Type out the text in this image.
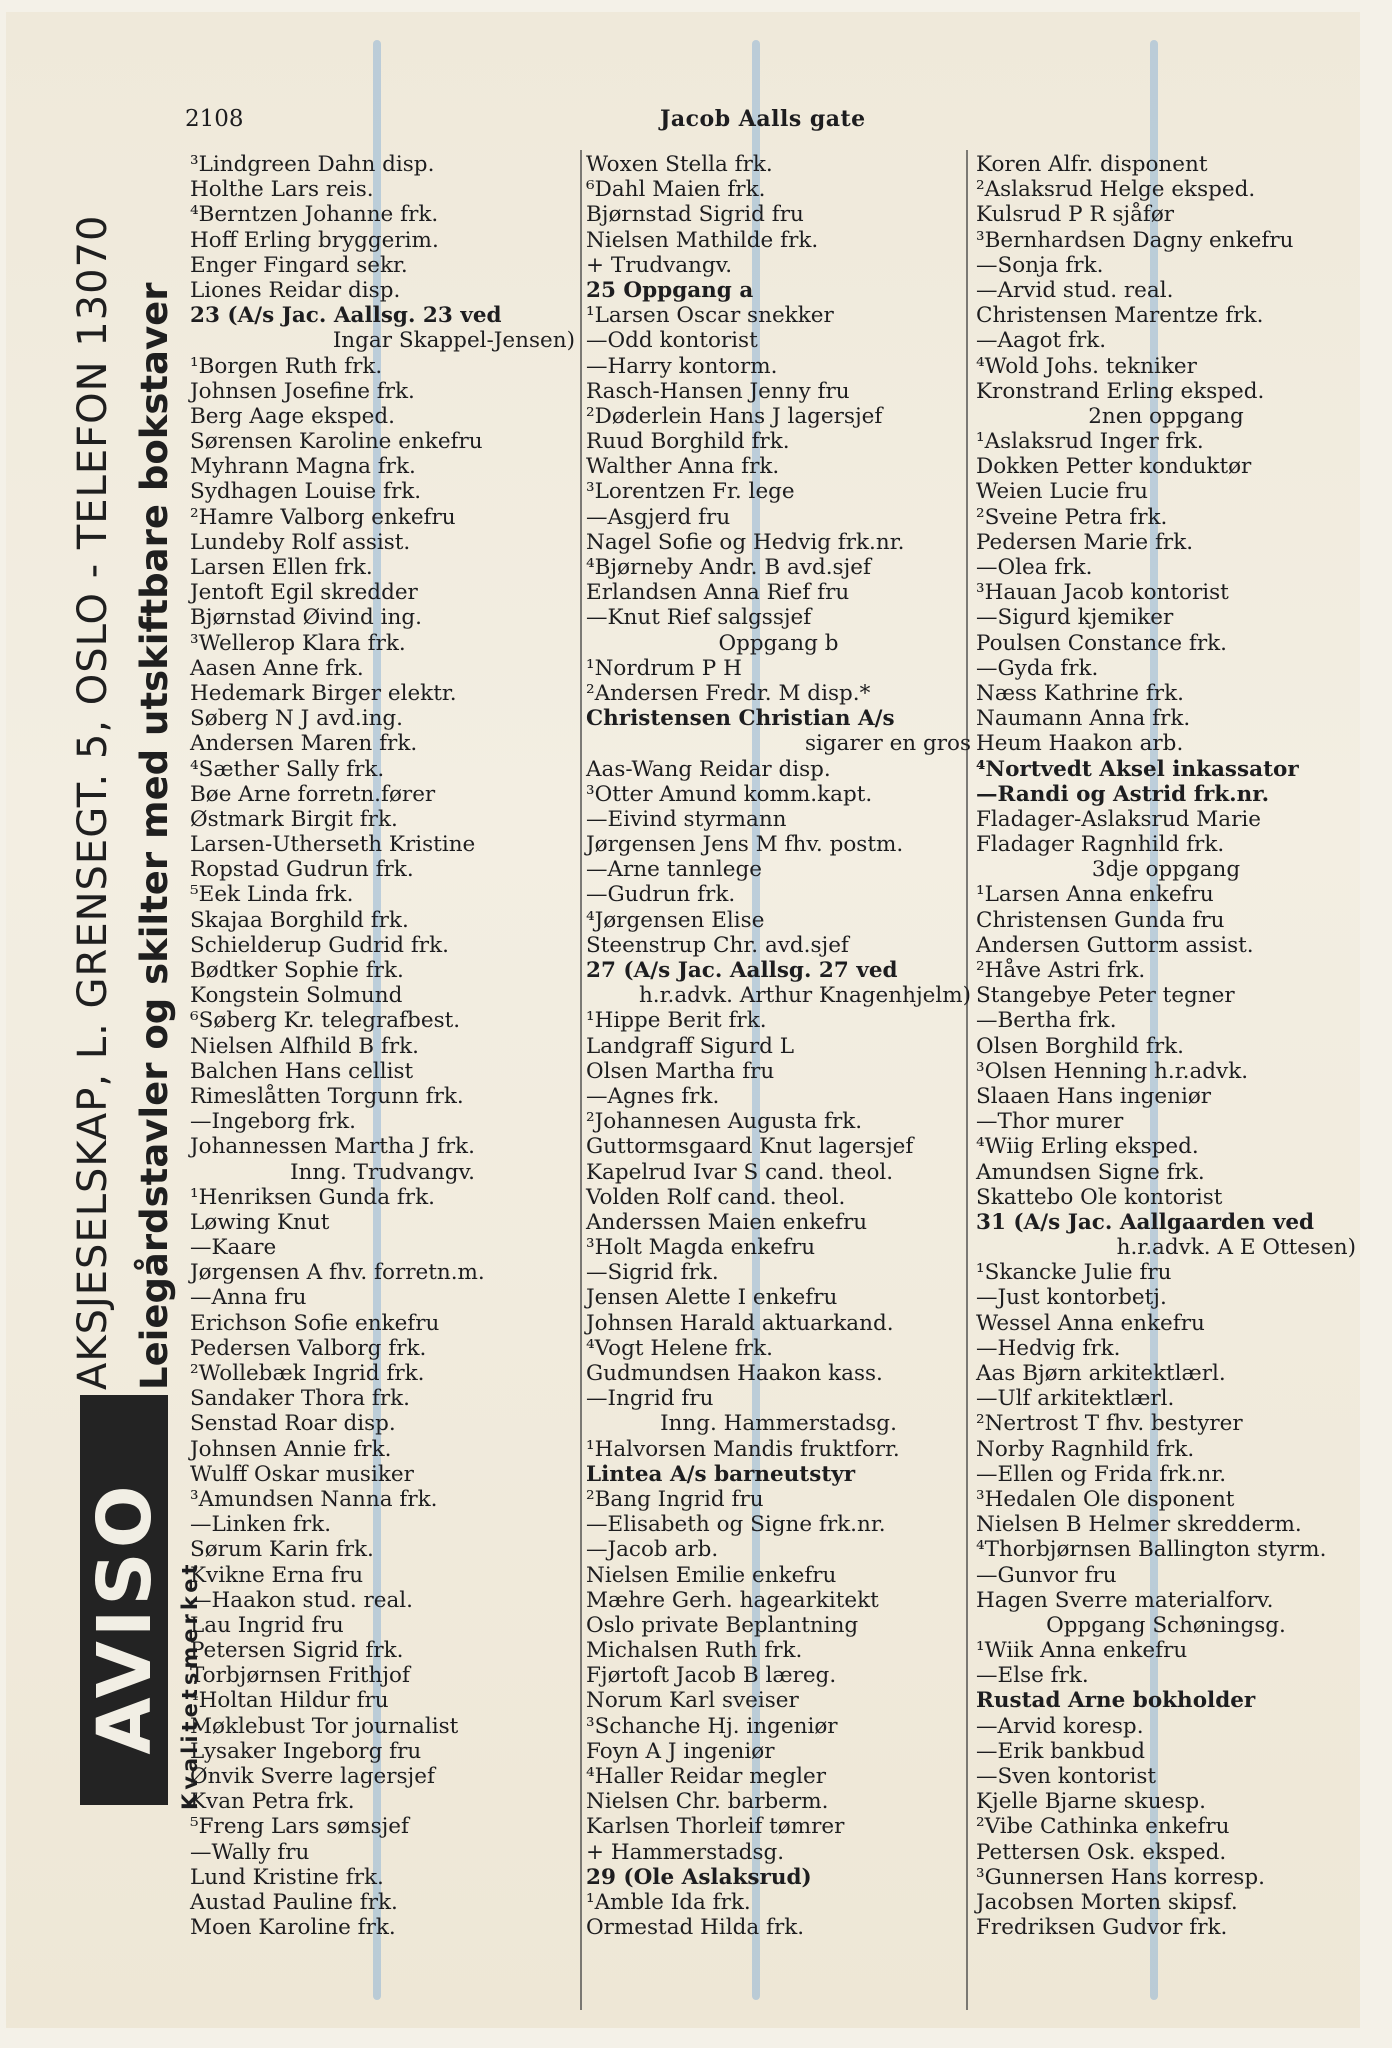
2108	Jacob Aalls gate
AKSJESELSKAP, L. GRENSEGT. 5, OSLO - TELEFON 13070 Leiegårdstavler og skilter med utskiftbare bokstaver
AVISO Kvalitetsmerket
³Lindgreen Dahn disp.
Holthe Lars reis.
⁴Berntzen Johanne frk.
Hoff Erling bryggerim.
Enger Fingard sekr.
Liones Reidar disp.
23 (A/s Jac. Aallsg. 23 ved
Ingar Skappel-Jensen)
¹Borgen Ruth frk.
Johnsen Josefine frk.
Berg Aage eksped.
Sørensen Karoline enkefru
Myhrann Magna frk.
Sydhagen Louise frk.
²Hamre Valborg enkefru
Lundeby Rolf assist.
Larsen Ellen frk.
Jentoft Egil skredder
Bjørnstad Øivind ing.
³Wellerop Klara frk.
Aasen Anne frk.
Hedemark Birger elektr.
Søberg N J avd.ing.
Andersen Maren frk.
⁴Sæther Sally frk.
Bøe Arne forretn.fører
Østmark Birgit frk.
Larsen-Utherseth Kristine
Ropstad Gudrun frk.
⁵Eek Linda frk.
Skajaa Borghild frk.
Schielderup Gudrid frk.
Bødtker Sophie frk.
Kongstein Solmund
⁶Søberg Kr. telegrafbest.
Nielsen Alfhild B frk.
Balchen Hans cellist
Rimeslåtten Torgunn frk.
—Ingeborg frk.
Johannessen Martha J frk.
Inng. Trudvangv.
¹Henriksen Gunda frk.
Løwing Knut
—Kaare
Jørgensen A fhv. forretn.m.
—Anna fru
Erichson Sofie enkefru
Pedersen Valborg frk.
²Wollebæk Ingrid frk.
Sandaker Thora frk.
Senstad Roar disp.
Johnsen Annie frk.
Wulff Oskar musiker
³Amundsen Nanna frk.
—Linken frk.
Sørum Karin frk.
Kvikne Erna fru
—Haakon stud. real.
Lau Ingrid fru
Petersen Sigrid frk.
Torbjørnsen Frithjof
⁴Holtan Hildur fru
Møklebust Tor journalist
Lysaker Ingeborg fru
Ønvik Sverre lagersjef
Kvan Petra frk.
⁵Freng Lars sømsjef
—Wally fru
Lund Kristine frk.
Austad Pauline frk.
Moen Karoline frk.
Woxen Stella frk.
⁶Dahl Maien frk.
Bjørnstad Sigrid fru
Nielsen Mathilde frk.
+ Trudvangv.
25 Oppgang a
¹Larsen Oscar snekker
—Odd kontorist
—Harry kontorm.
Rasch-Hansen Jenny fru
²Døderlein Hans J lagersjef
Ruud Borghild frk.
Walther Anna frk.
³Lorentzen Fr. lege
—Asgjerd fru
Nagel Sofie og Hedvig frk.nr.
⁴Bjørneby Andr. B avd.sjef
Erlandsen Anna Rief fru
—Knut Rief salgssjef
Oppgang b
¹Nordrum P H
²Andersen Fredr. M disp.*
Christensen Christian A/s
sigarer en gros
Aas-Wang Reidar disp.
³Otter Amund komm.kapt.
—Eivind styrmann
Jørgensen Jens M fhv. postm.
—Arne tannlege
—Gudrun frk.
⁴Jørgensen Elise
Steenstrup Chr. avd.sjef
27 (A/s Jac. Aallsg. 27 ved
h.r.advk. Arthur Knagenhjelm)
¹Hippe Berit frk.
Landgraff Sigurd L
Olsen Martha fru
—Agnes frk.
²Johannesen Augusta frk.
Guttormsgaard Knut lagersjef
Kapelrud Ivar S cand. theol.
Volden Rolf cand. theol.
Anderssen Maien enkefru
³Holt Magda enkefru
—Sigrid frk.
Jensen Alette I enkefru
Johnsen Harald aktuarkand.
⁴Vogt Helene frk.
Gudmundsen Haakon kass.
—Ingrid fru
Inng. Hammerstadsg.
¹Halvorsen Mandis fruktforr.
Lintea A/s barneutstyr
²Bang Ingrid fru
—Elisabeth og Signe frk.nr.
—Jacob arb.
Nielsen Emilie enkefru
Mæhre Gerh. hagearkitekt
Oslo private Beplantning
Michalsen Ruth frk.
Fjørtoft Jacob B læreg.
Norum Karl sveiser
³Schanche Hj. ingeniør
Foyn A J ingeniør
⁴Haller Reidar megler
Nielsen Chr. barberm.
Karlsen Thorleif tømrer
+ Hammerstadsg.
29 (Ole Aslaksrud)
¹Amble Ida frk.
Ormestad Hilda frk.
Koren Alfr. disponent
²Aslaksrud Helge eksped.
Kulsrud P R sjåfør
³Bernhardsen Dagny enkefru
—Sonja frk.
—Arvid stud. real.
Christensen Marentze frk.
—Aagot frk.
⁴Wold Johs. tekniker
Kronstrand Erling eksped.
2nen oppgang
¹Aslaksrud Inger frk.
Dokken Petter konduktør
Weien Lucie fru
²Sveine Petra frk.
Pedersen Marie frk.
—Olea frk.
³Hauan Jacob kontorist
—Sigurd kjemiker
Poulsen Constance frk.
—Gyda frk.
Næss Kathrine frk.
Naumann Anna frk.
Heum Haakon arb.
⁴Nortvedt Aksel inkassator
—Randi og Astrid frk.nr.
Fladager-Aslaksrud Marie
Fladager Ragnhild frk.
3dje oppgang
¹Larsen Anna enkefru
Christensen Gunda fru
Andersen Guttorm assist.
²Håve Astri frk.
Stangebye Peter tegner
—Bertha frk.
Olsen Borghild frk.
³Olsen Henning h.r.advk.
Slaaen Hans ingeniør
—Thor murer
⁴Wiig Erling eksped.
Amundsen Signe frk.
Skattebo Ole kontorist
31 (A/s Jac. Aallgaarden ved
h.r.advk. A E Ottesen)
¹Skancke Julie fru
—Just kontorbetj.
Wessel Anna enkefru
—Hedvig frk.
Aas Bjørn arkitektlærl.
—Ulf arkitektlærl.
²Nertrost T fhv. bestyrer
Norby Ragnhild frk.
—Ellen og Frida frk.nr.
³Hedalen Ole disponent
Nielsen B Helmer skredderm.
⁴Thorbjørnsen Ballington styrm.
—Gunvor fru
Hagen Sverre materialforv.
Oppgang Schøningsg.
¹Wiik Anna enkefru
—Else frk.
Rustad Arne bokholder
—Arvid koresp.
—Erik bankbud
—Sven kontorist
Kjelle Bjarne skuesp.
²Vibe Cathinka enkefru
Pettersen Osk. eksped.
³Gunnersen Hans korresp.
Jacobsen Morten skipsf.
Fredriksen Gudvor frk.
